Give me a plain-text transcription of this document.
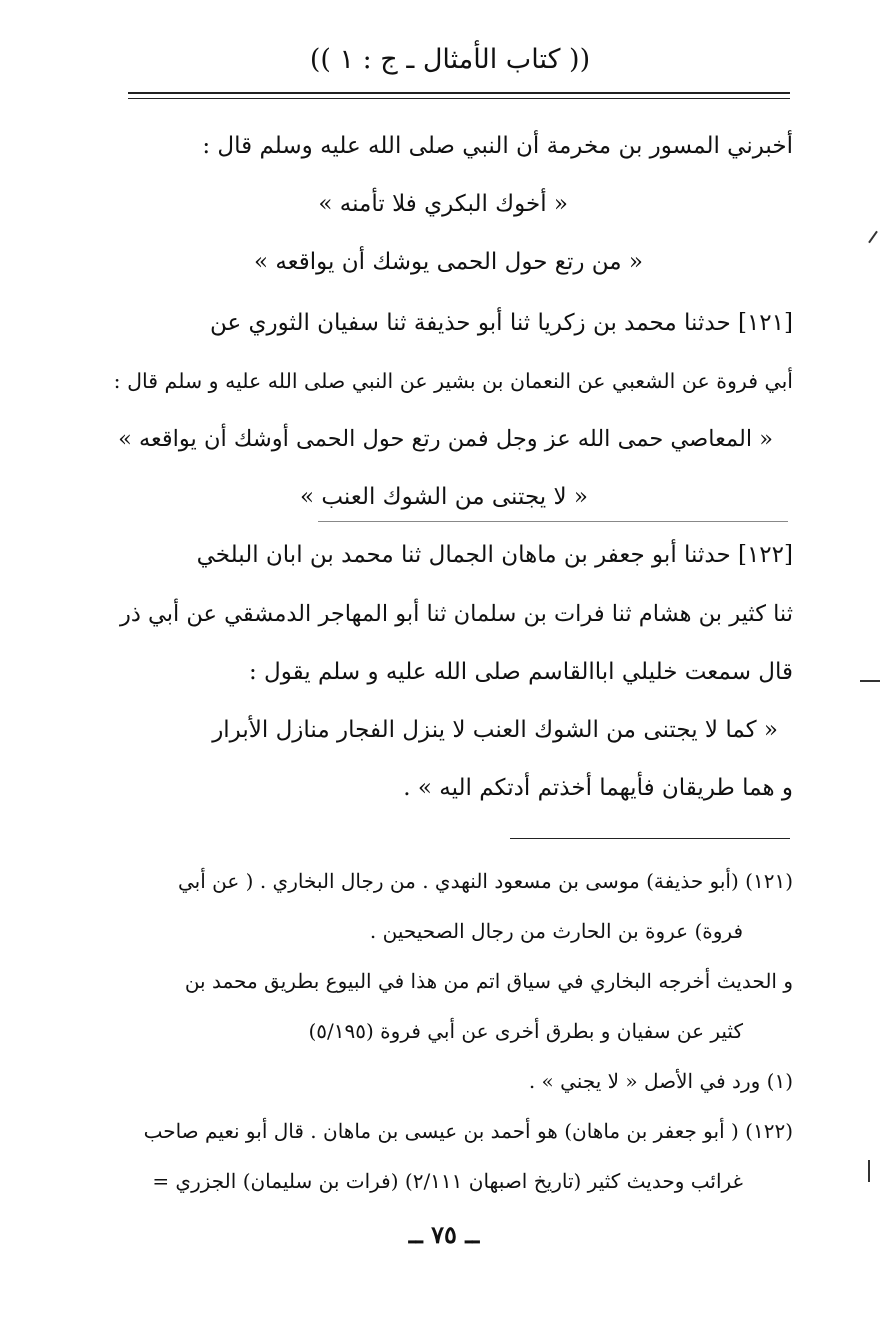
(( كتاب الأمثال ـ ج : ١ ))
أخبرني المسور بن مخرمة أن النبي صلى الله عليه وسلم قال :
« أخوك البكري فلا تأمنه »
« من رتع حول الحمى يوشك أن يواقعه »
[١٢١] حدثنا محمد بن زكريا ثنا أبو حذيفة ثنا سفيان الثوري عن
أبي فروة عن الشعبي عن النعمان بن بشير عن النبي صلى الله عليه و سلم قال :
« المعاصي حمى الله عز وجل فمن رتع حول الحمى أوشك أن يواقعه »
« لا يجتنى من الشوك العنب »
[١٢٢] حدثنا أبو جعفر بن ماهان الجمال ثنا محمد بن ابان البلخي
ثنا كثير بن هشام ثنا فرات بن سلمان ثنا أبو المهاجر الدمشقي عن أبي ذر
قال سمعت خليلي اباالقاسم صلى الله عليه و سلم يقول :
« كما لا يجتنى من الشوك العنب لا ينزل الفجار منازل الأبرار
و هما طريقان فأيهما أخذتم أدتكم اليه » .
(١٢١) (أبو حذيفة) موسى بن مسعود النهدي . من رجال البخاري . ( عن أبي
فروة) عروة بن الحارث من رجال الصحيحين .
و الحديث أخرجه البخاري في سياق اتم من هذا في البيوع بطريق محمد بن
كثير عن سفيان و بطرق أخرى عن أبي فروة (٥/١٩٥)
(١) ورد في الأصل « لا يجني » .
(١٢٢) ( أبو جعفر بن ماهان) هو أحمد بن عيسى بن ماهان . قال أبو نعيم صاحب
غرائب وحديث كثير (تاريخ اصبهان ٢/١١١) (فرات بن سليمان) الجزري =
ــ ٧٥ ــ
